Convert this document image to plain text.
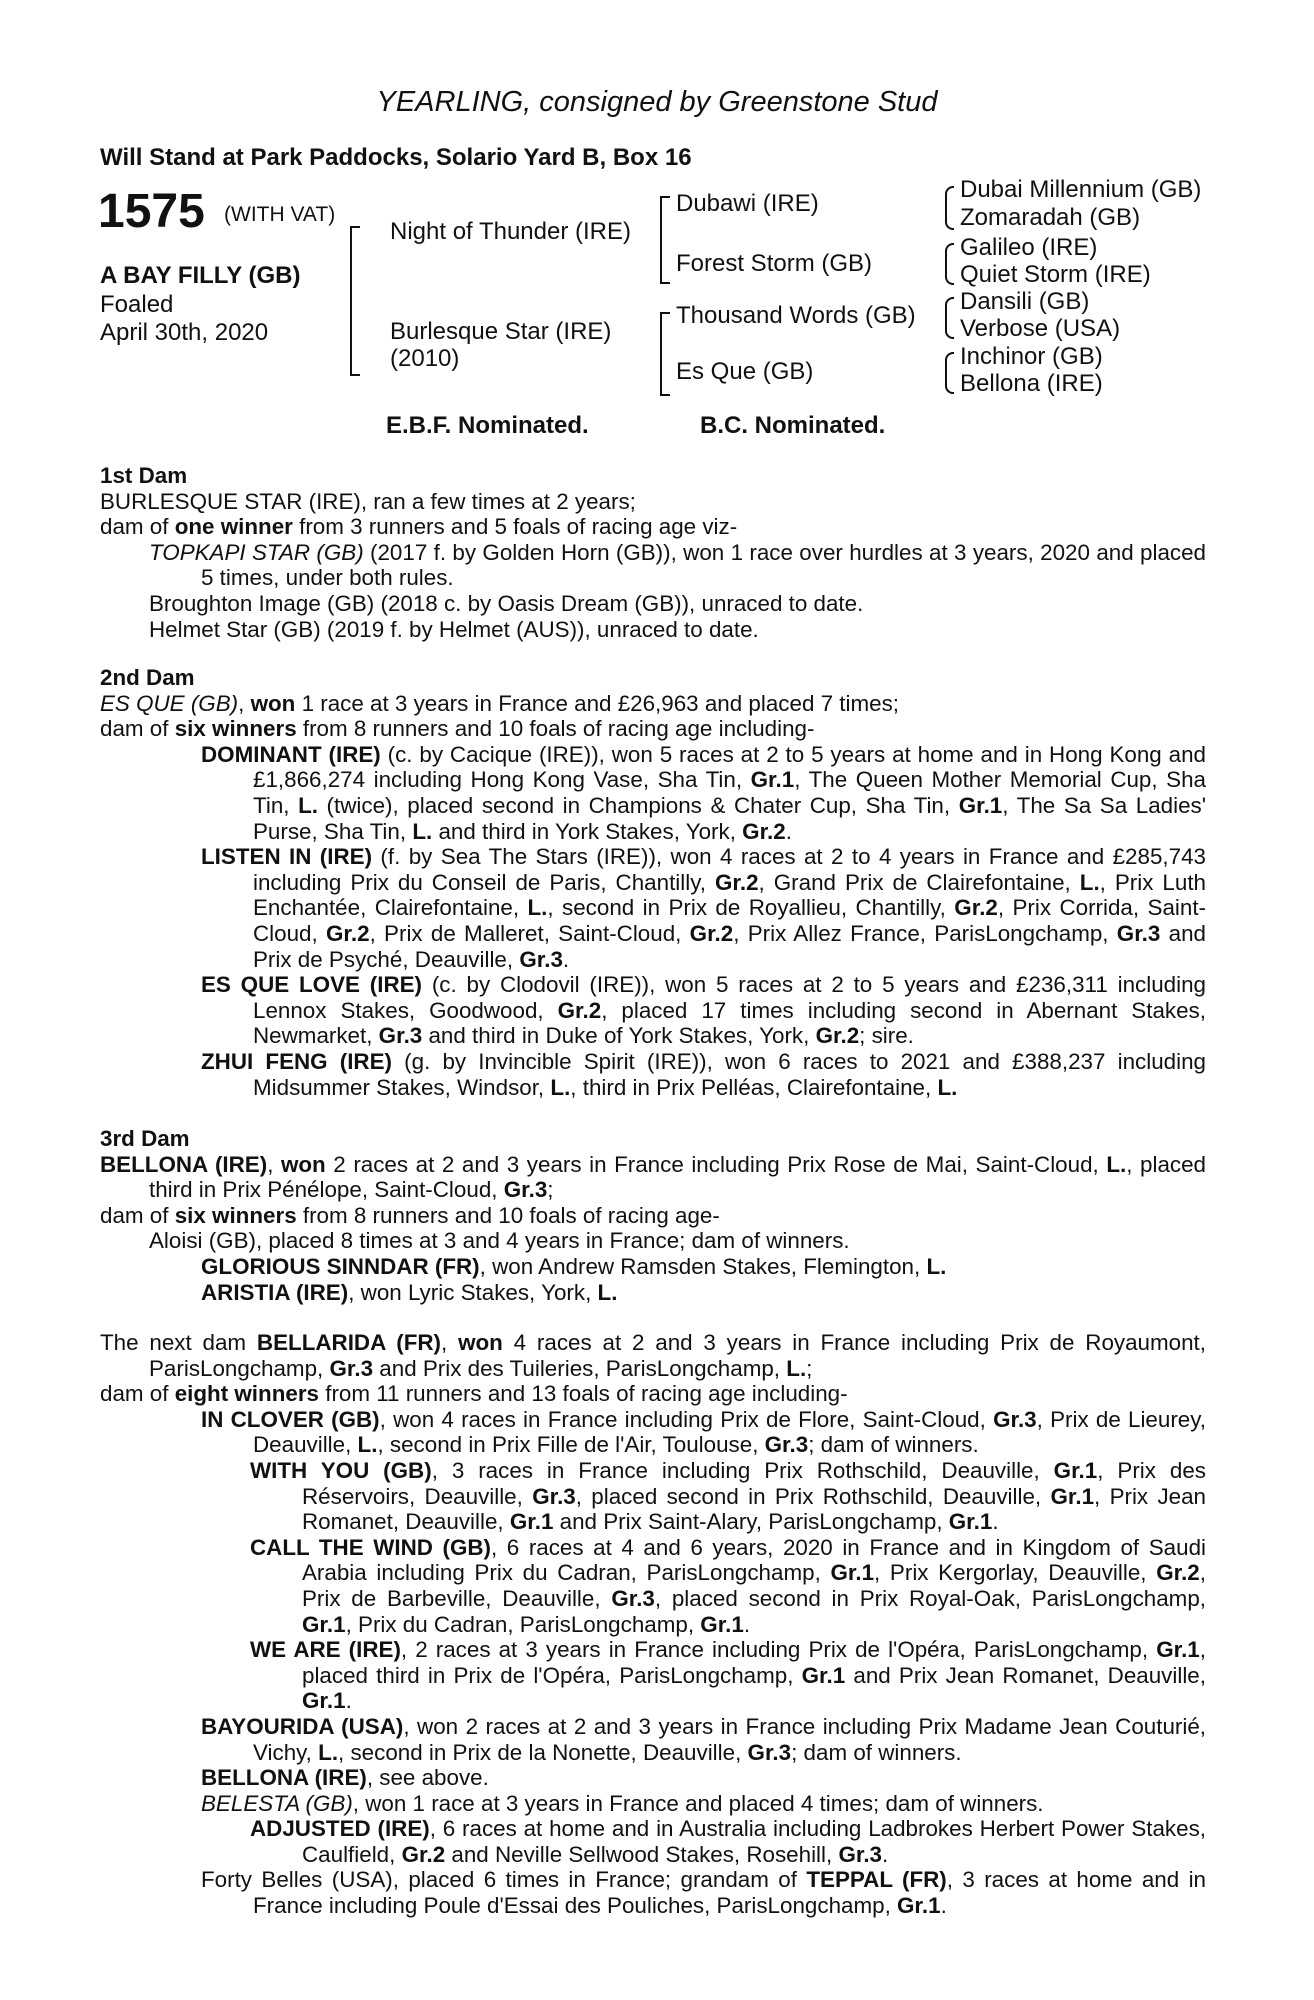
YEARLING, consigned by Greenstone Stud
Will Stand at Park Paddocks, Solario Yard B, Box 16
1575 (WITH VAT)
A BAY FILLY (GB)
Foaled
April 30th, 2020
Night of Thunder (IRE)
Burlesque Star (IRE)
(2010)
Dubawi (IRE)
Forest Storm (GB)
Thousand Words (GB)
Es Que (GB)
Dubai Millennium (GB)
Zomaradah (GB)
Galileo (IRE)
Quiet Storm (IRE)
Dansili (GB)
Verbose (USA)
Inchinor (GB)
Bellona (IRE)
E.B.F. Nominated.	B.C. Nominated.

1st Dam

BURLESQUE STAR (IRE), ran a few times at 2 years;

dam of one winner from 3 runners and 5 foals of racing age viz-

TOPKAPI STAR (GB) (2017 f. by Golden Horn (GB)), won 1 race over hurdles at 3 years, 2020 and placed 5 times, under both rules.

Broughton Image (GB) (2018 c. by Oasis Dream (GB)), unraced to date.

Helmet Star (GB) (2019 f. by Helmet (AUS)), unraced to date.

2nd Dam

ES QUE (GB), won 1 race at 3 years in France and £26,963 and placed 7 times;

dam of six winners from 8 runners and 10 foals of racing age including-

DOMINANT (IRE) (c. by Cacique (IRE)), won 5 races at 2 to 5 years at home and in Hong Kong and £1,866,274 including Hong Kong Vase, Sha Tin, Gr.1, The Queen Mother Memorial Cup, Sha Tin, L. (twice), placed second in Champions & Chater Cup, Sha Tin, Gr.1, The Sa Sa Ladies' Purse, Sha Tin, L. and third in York Stakes, York, Gr.2.

LISTEN IN (IRE) (f. by Sea The Stars (IRE)), won 4 races at 2 to 4 years in France and £285,743 including Prix du Conseil de Paris, Chantilly, Gr.2, Grand Prix de Clairefontaine, L., Prix Luth Enchantée, Clairefontaine, L., second in Prix de Royallieu, Chantilly, Gr.2, Prix Corrida, Saint-Cloud, Gr.2, Prix de Malleret, Saint-Cloud, Gr.2, Prix Allez France, ParisLongchamp, Gr.3 and Prix de Psyché, Deauville, Gr.3.

ES QUE LOVE (IRE) (c. by Clodovil (IRE)), won 5 races at 2 to 5 years and £236,311 including Lennox Stakes, Goodwood, Gr.2, placed 17 times including second in Abernant Stakes, Newmarket, Gr.3 and third in Duke of York Stakes, York, Gr.2; sire.

ZHUI FENG (IRE) (g. by Invincible Spirit (IRE)), won 6 races to 2021 and £388,237 including Midsummer Stakes, Windsor, L., third in Prix Pelléas, Clairefontaine, L.

3rd Dam

BELLONA (IRE), won 2 races at 2 and 3 years in France including Prix Rose de Mai, Saint-Cloud, L., placed third in Prix Pénélope, Saint-Cloud, Gr.3;

dam of six winners from 8 runners and 10 foals of racing age-

Aloisi (GB), placed 8 times at 3 and 4 years in France; dam of winners.

GLORIOUS SINNDAR (FR), won Andrew Ramsden Stakes, Flemington, L.

ARISTIA (IRE), won Lyric Stakes, York, L.

The next dam BELLARIDA (FR), won 4 races at 2 and 3 years in France including Prix de Royaumont, ParisLongchamp, Gr.3 and Prix des Tuileries, ParisLongchamp, L.;

dam of eight winners from 11 runners and 13 foals of racing age including-

IN CLOVER (GB), won 4 races in France including Prix de Flore, Saint-Cloud, Gr.3, Prix de Lieurey, Deauville, L., second in Prix Fille de l'Air, Toulouse, Gr.3; dam of winners.

WITH YOU (GB), 3 races in France including Prix Rothschild, Deauville, Gr.1, Prix des Réservoirs, Deauville, Gr.3, placed second in Prix Rothschild, Deauville, Gr.1, Prix Jean Romanet, Deauville, Gr.1 and Prix Saint-Alary, ParisLongchamp, Gr.1.

CALL THE WIND (GB), 6 races at 4 and 6 years, 2020 in France and in Kingdom of Saudi Arabia including Prix du Cadran, ParisLongchamp, Gr.1, Prix Kergorlay, Deauville, Gr.2, Prix de Barbeville, Deauville, Gr.3, placed second in Prix Royal-Oak, ParisLongchamp, Gr.1, Prix du Cadran, ParisLongchamp, Gr.1.

WE ARE (IRE), 2 races at 3 years in France including Prix de l'Opéra, ParisLongchamp, Gr.1, placed third in Prix de l'Opéra, ParisLongchamp, Gr.1 and Prix Jean Romanet, Deauville, Gr.1.

BAYOURIDA (USA), won 2 races at 2 and 3 years in France including Prix Madame Jean Couturié, Vichy, L., second in Prix de la Nonette, Deauville, Gr.3; dam of winners.

BELLONA (IRE), see above.

BELESTA (GB), won 1 race at 3 years in France and placed 4 times; dam of winners.

ADJUSTED (IRE), 6 races at home and in Australia including Ladbrokes Herbert Power Stakes, Caulfield, Gr.2 and Neville Sellwood Stakes, Rosehill, Gr.3.

Forty Belles (USA), placed 6 times in France; grandam of TEPPAL (FR), 3 races at home and in France including Poule d'Essai des Pouliches, ParisLongchamp, Gr.1.
